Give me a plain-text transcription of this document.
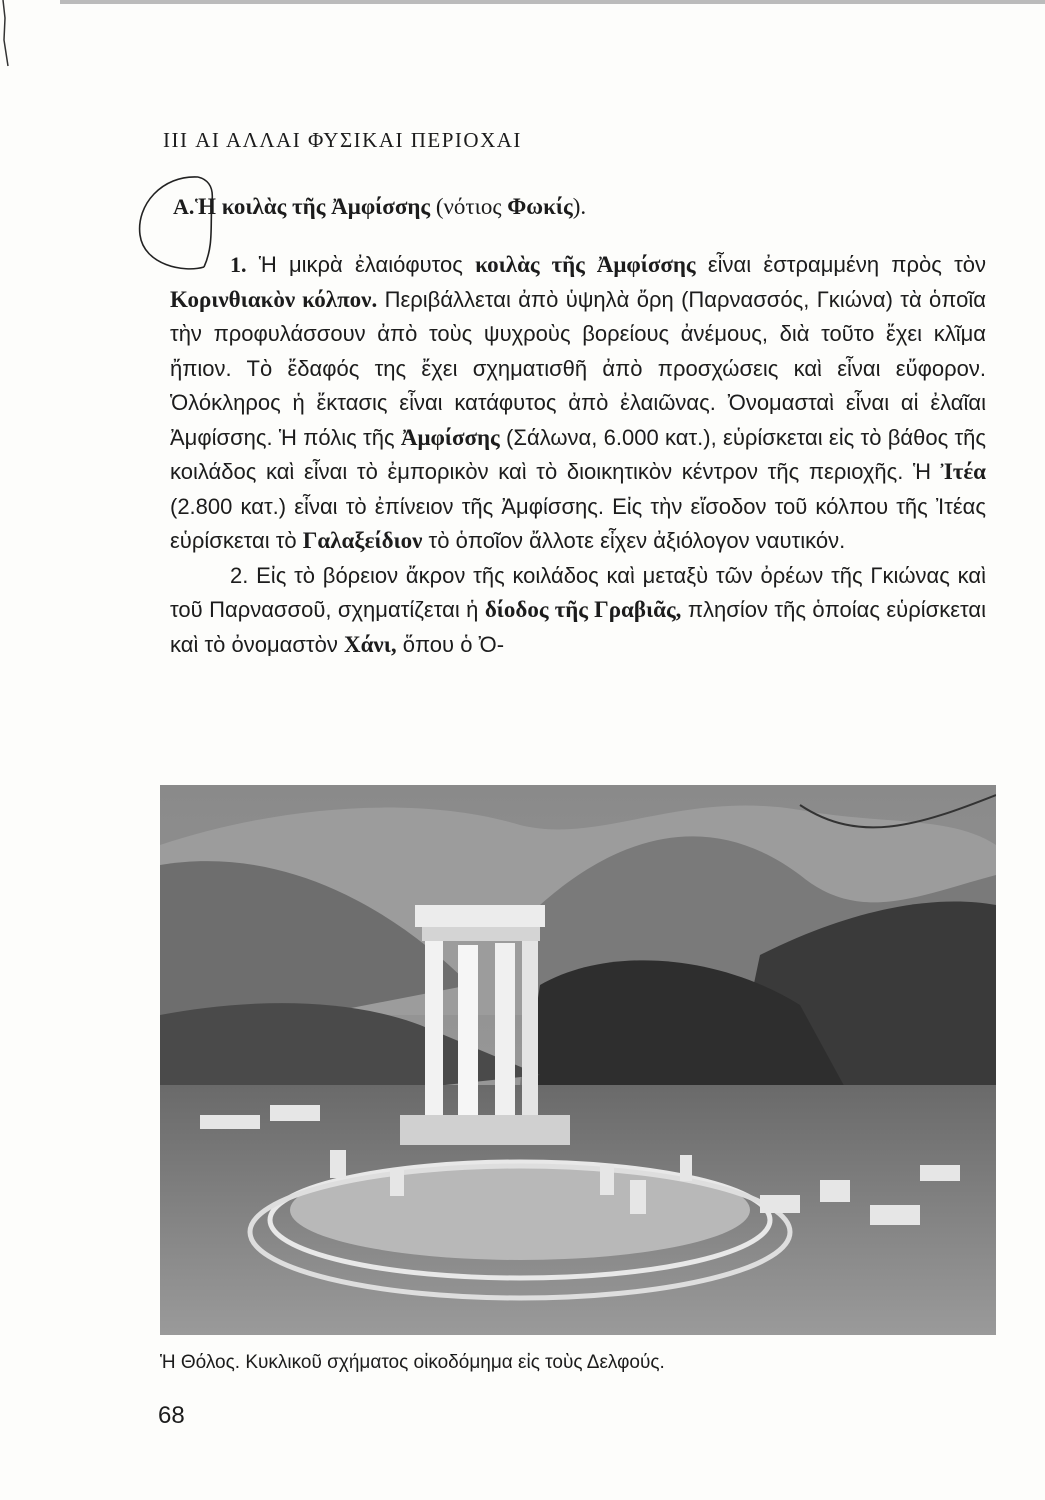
III ΑΙ ΑΛΛΑΙ ΦΥΣΙΚΑΙ ΠΕΡΙΟΧΑΙ
Α. Ἡ κοιλὰς τῆς Ἀμφίσσης (νότιος Φωκίς).

1. Ἡ μικρὰ ἐλαιόφυτος κοιλὰς τῆς Ἀμφίσσης εἶναι ἐστραμμένη πρὸς τὸν Κορινθιακὸν κόλπον. Περιβάλλεται ἀπὸ ὑψηλὰ ὄρη (Παρνασσός, Γκιώνα) τὰ ὁποῖα τὴν προφυλάσσουν ἀπὸ τοὺς ψυχροὺς βορείους ἀνέμους, διὰ τοῦτο ἔχει κλῖμα ἤπιον. Τὸ ἔδαφός της ἔχει σχηματισθῆ ἀπὸ προσχώσεις καὶ εἶναι εὔφορον. Ὁλόκληρος ἡ ἔκτασις εἶναι κατάφυτος ἀπὸ ἐλαιῶνας. Ὀνομασταὶ εἶναι αἱ ἐλαῖαι Ἀμφίσσης. Ἡ πόλις τῆς Ἀμφίσσης (Σάλωνα, 6.000 κατ.), εὑρίσκεται εἰς τὸ βάθος τῆς κοιλάδος καὶ εἶναι τὸ ἐμπορικὸν καὶ τὸ διοικητικὸν κέντρον τῆς περιοχῆς. Ἡ Ἰτέα (2.800 κατ.) εἶναι τὸ ἐπίνειον τῆς Ἀμφίσσης. Εἰς τὴν εἴσοδον τοῦ κόλπου τῆς Ἰτέας εὑρίσκεται τὸ Γαλαξείδιον τὸ ὁποῖον ἄλλοτε εἶχεν ἀξιόλογον ναυτικόν.

2. Εἰς τὸ βόρειον ἄκρον τῆς κοιλάδος καὶ μεταξὺ τῶν ὀρέων τῆς Γκιώνας καὶ τοῦ Παρνασσοῦ, σχηματίζεται ἡ δίοδος τῆς Γραβιᾶς, πλησίον τῆς ὁποίας εὑρίσκεται καὶ τὸ ὀνομαστὸν Χάνι, ὅπου ὁ Ὀ-

Ἡ Θόλος. Κυκλικοῦ σχήματος οἰκοδόμημα εἰς τοὺς Δελφούς.
68
